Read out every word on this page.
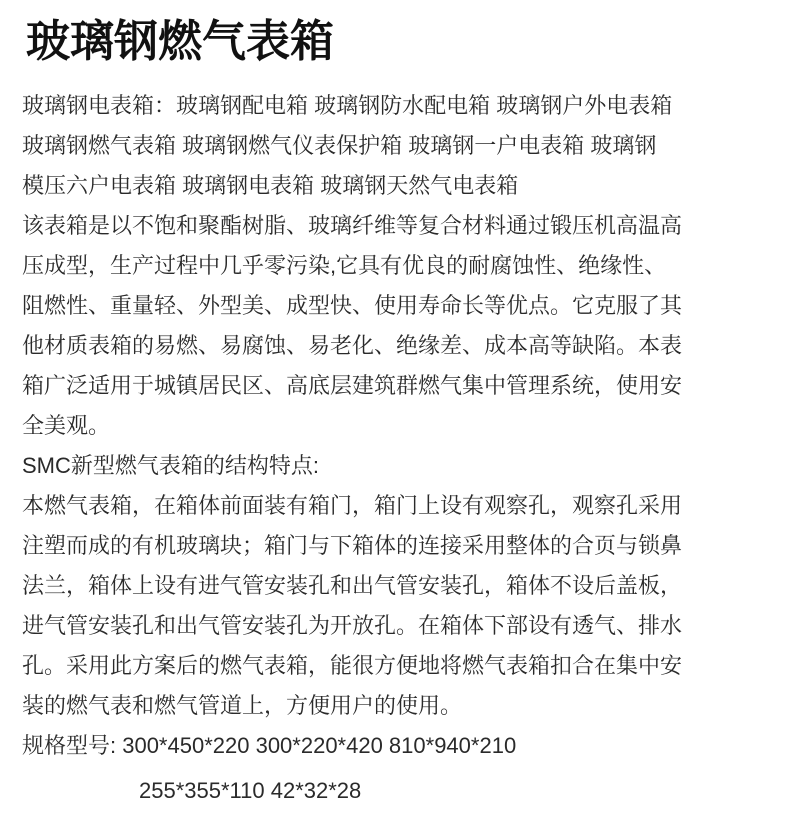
玻璃钢燃气表箱
玻璃钢电表箱：玻璃钢配电箱 玻璃钢防水配电箱 玻璃钢户外电表箱
玻璃钢燃气表箱 玻璃钢燃气仪表保护箱 玻璃钢一户电表箱 玻璃钢
模压六户电表箱 玻璃钢电表箱 玻璃钢天然气电表箱
该表箱是以不饱和聚酯树脂、玻璃纤维等复合材料通过锻压机高温高
压成型，生产过程中几乎零污染,它具有优良的耐腐蚀性、绝缘性、
阻燃性、重量轻、外型美、成型快、使用寿命长等优点。它克服了其
他材质表箱的易燃、易腐蚀、易老化、绝缘差、成本高等缺陷。本表
箱广泛适用于城镇居民区、高底层建筑群燃气集中管理系统，使用安
全美观。
SMC新型燃气表箱的结构特点:
本燃气表箱，在箱体前面装有箱门，箱门上设有观察孔，观察孔采用
注塑而成的有机玻璃块；箱门与下箱体的连接采用整体的合页与锁鼻
法兰，箱体上设有进气管安装孔和出气管安装孔，箱体不设后盖板，
进气管安装孔和出气管安装孔为开放孔。在箱体下部设有透气、排水
孔。采用此方案后的燃气表箱，能很方便地将燃气表箱扣合在集中安
装的燃气表和燃气管道上，方便用户的使用。
规格型号: 300*450*220 300*220*420 810*940*210
255*355*110 42*32*28
